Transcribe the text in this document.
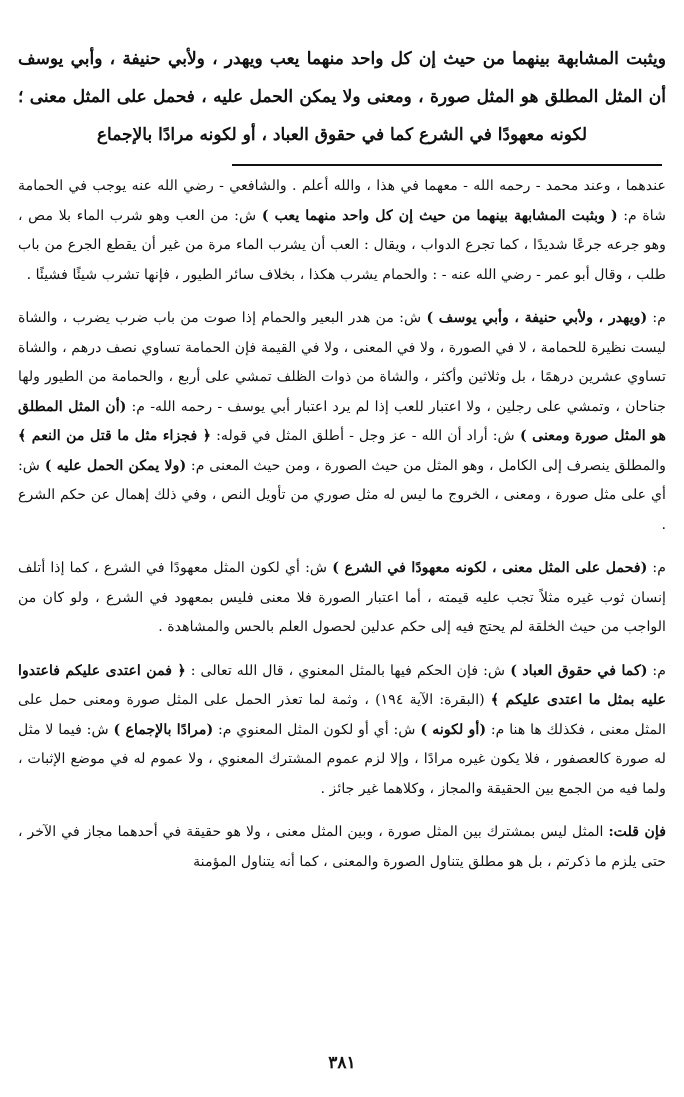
ويثبت المشابهة بينهما من حيث إن كل واحد منهما يعب ويهدر ، ولأبي حنيفة ، وأبي يوسف أن المثل المطلق هو المثل صورة ، ومعنى ولا يمكن الحمل عليه ، فحمل على المثل معنى ؛ لكونه معهودًا في الشرع كما في حقوق العباد ، أو لكونه مرادًا بالإجماع

عندهما ، وعند محمد - رحمه الله - معهما في هذا ، والله أعلم . والشافعي - رضي الله عنه يوجب في الحمامة شاة م: ( وبثبت المشابهة بينهما من حيث إن كل واحد منهما يعب ) ش: من العب وهو شرب الماء بلا مص ، وهو جرعه جرعًا شديدًا ، كما تجرع الدواب ، ويقال : العب أن يشرب الماء مرة من غير أن يقطع الجرع من باب طلب ، وقال أبو عمر - رضي الله عنه - : والحمام يشرب هكذا ، بخلاف سائر الطيور ، فإنها تشرب شيئًا فشيئًا .

م: (ويهدر ، ولأبي حنيفة ، وأبي يوسف ) ش: من هدر البعير والحمام إذا صوت من باب ضرب يضرب ، والشاة ليست نظيرة للحمامة ، لا في الصورة ، ولا في المعنى ، ولا في القيمة فإن الحمامة تساوي نصف درهم ، والشاة تساوي عشرين درهمًا ، بل وثلاثين وأكثر ، والشاة من ذوات الظلف تمشي على أربع ، والحمامة من الطيور ولها جناحان ، وتمشي على رجلين ، ولا اعتبار للعب إذا لم يرد اعتبار أبي يوسف - رحمه الله- م: (أن المثل المطلق هو المثل صورة ومعنى ) ش: أراد أن الله - عز وجل - أطلق المثل في قوله: ﴿ فجزاء مثل ما قتل من النعم ﴾ والمطلق ينصرف إلى الكامل ، وهو المثل من حيث الصورة ، ومن حيث المعنى م: (ولا يمكن الحمل عليه ) ش: أي على مثل صورة ، ومعنى ، الخروج ما ليس له مثل صوري من تأويل النص ، وفي ذلك إهمال عن حكم الشرع .

م: (فحمل على المثل معنى ، لكونه معهودًا في الشرع ) ش: أي لكون المثل معهودًا في الشرع ، كما إذا أتلف إنسان ثوب غيره مثلاً تجب عليه قيمته ، أما اعتبار الصورة فلا معنى فليس بمعهود في الشرع ، ولو كان من الواجب من حيث الخلقة لم يحتج فيه إلى حكم عدلين لحصول العلم بالحس والمشاهدة .

م: (كما في حقوق العباد ) ش: فإن الحكم فيها بالمثل المعنوي ، قال الله تعالى : ﴿ فمن اعتدى عليكم فاعتدوا عليه بمثل ما اعتدى عليكم ﴾ (البقرة: الآية ١٩٤) ، وثمة لما تعذر الحمل على المثل صورة ومعنى حمل على المثل معنى ، فكذلك ها هنا م: (أو لكونه ) ش: أي أو لكون المثل المعنوي م: (مرادًا بالإجماع ) ش: فيما لا مثل له صورة كالعصفور ، فلا يكون غيره مرادًا ، وإلا لزم عموم المشترك المعنوي ، ولا عموم له في موضع الإثبات ، ولما فيه من الجمع بين الحقيقة والمجاز ، وكلاهما غير جائز .

فإن قلت: المثل ليس بمشترك بين المثل صورة ، وبين المثل معنى ، ولا هو حقيقة في أحدهما مجاز في الآخر ، حتى يلزم ما ذكرتم ، بل هو مطلق يتناول الصورة والمعنى ، كما أنه يتناول المؤمنة

٣٨١
